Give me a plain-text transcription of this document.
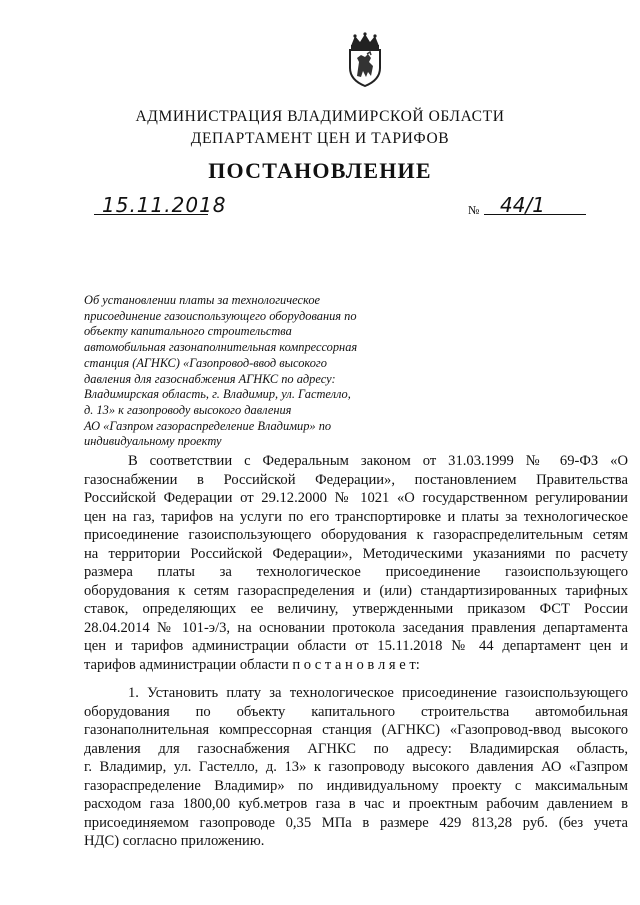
АДМИНИСТРАЦИЯ ВЛАДИМИРСКОЙ ОБЛАСТИ
ДЕПАРТАМЕНТ ЦЕН И ТАРИФОВ
ПОСТАНОВЛЕНИЕ
15.11.2018	№ 44/1
Об установлении платы за технологическое
присоединение газоиспользующего оборудования по
объекту капитального строительства
автомобильная газонаполнительная компрессорная
станция (АГНКС) «Газопровод-ввод высокого
давления для газоснабжения АГНКС по адресу:
Владимирская область, г. Владимир, ул. Гастелло,
д. 13» к газопроводу высокого давления
АО «Газпром газораспределение Владимир» по
индивидуальному проекту
В соответствии с Федеральным законом от 31.03.1999 № 69-ФЗ «О
газоснабжении в Российской Федерации», постановлением Правительства
Российской Федерации от 29.12.2000 № 1021 «О государственном регулировании
цен на газ, тарифов на услуги по его транспортировке и платы за технологическое
присоединение газоиспользующего оборудования к газораспределительным сетям
на территории Российской Федерации», Методическими указаниями по расчету
размера платы за технологическое присоединение газоиспользующего
оборудования к сетям газораспределения и (или) стандартизированных тарифных
ставок, определяющих ее величину, утвержденными приказом ФСТ России
28.04.2014 № 101-э/3, на основании протокола заседания правления департамента
цен и тарифов администрации области от 15.11.2018 № 44 департамент цен и
тарифов администрации области п о с т а н о в л я е т:
1. Установить плату за технологическое присоединение газоиспользующего
оборудования по объекту капитального строительства автомобильная
газонаполнительная компрессорная станция (АГНКС) «Газопровод-ввод высокого
давления для газоснабжения АГНКС по адресу: Владимирская область,
г. Владимир, ул. Гастелло, д. 13» к газопроводу высокого давления АО «Газпром
газораспределение Владимир» по индивидуальному проекту с максимальным
расходом газа 1800,00 куб.метров газа в час и проектным рабочим давлением в
присоединяемом газопроводе 0,35 МПа в размере 429 813,28 руб. (без учета
НДС) согласно приложению.
